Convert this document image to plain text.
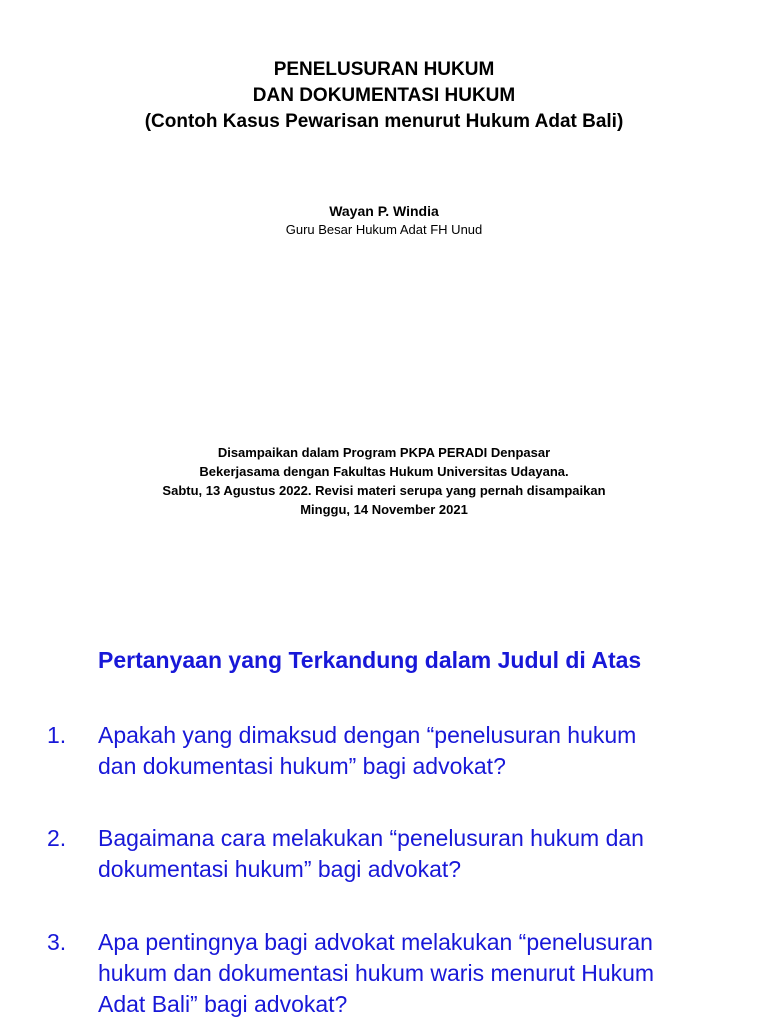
PENELUSURAN HUKUM
DAN DOKUMENTASI HUKUM
(Contoh Kasus Pewarisan menurut Hukum Adat Bali)
Wayan P. Windia
Guru Besar Hukum Adat FH Unud
Disampaikan dalam Program PKPA PERADI Denpasar
Bekerjasama dengan Fakultas Hukum Universitas Udayana.
Sabtu, 13 Agustus 2022. Revisi materi serupa yang pernah disampaikan
Minggu, 14 November 2021
Pertanyaan yang Terkandung dalam Judul di Atas
1. Apakah yang dimaksud dengan “penelusuran hukum
dan dokumentasi hukum” bagi advokat?
2. Bagaimana cara melakukan “penelusuran hukum dan
dokumentasi hukum” bagi advokat?
3. Apa pentingnya bagi advokat melakukan “penelusuran
hukum dan dokumentasi hukum waris menurut Hukum
Adat Bali” bagi advokat?
